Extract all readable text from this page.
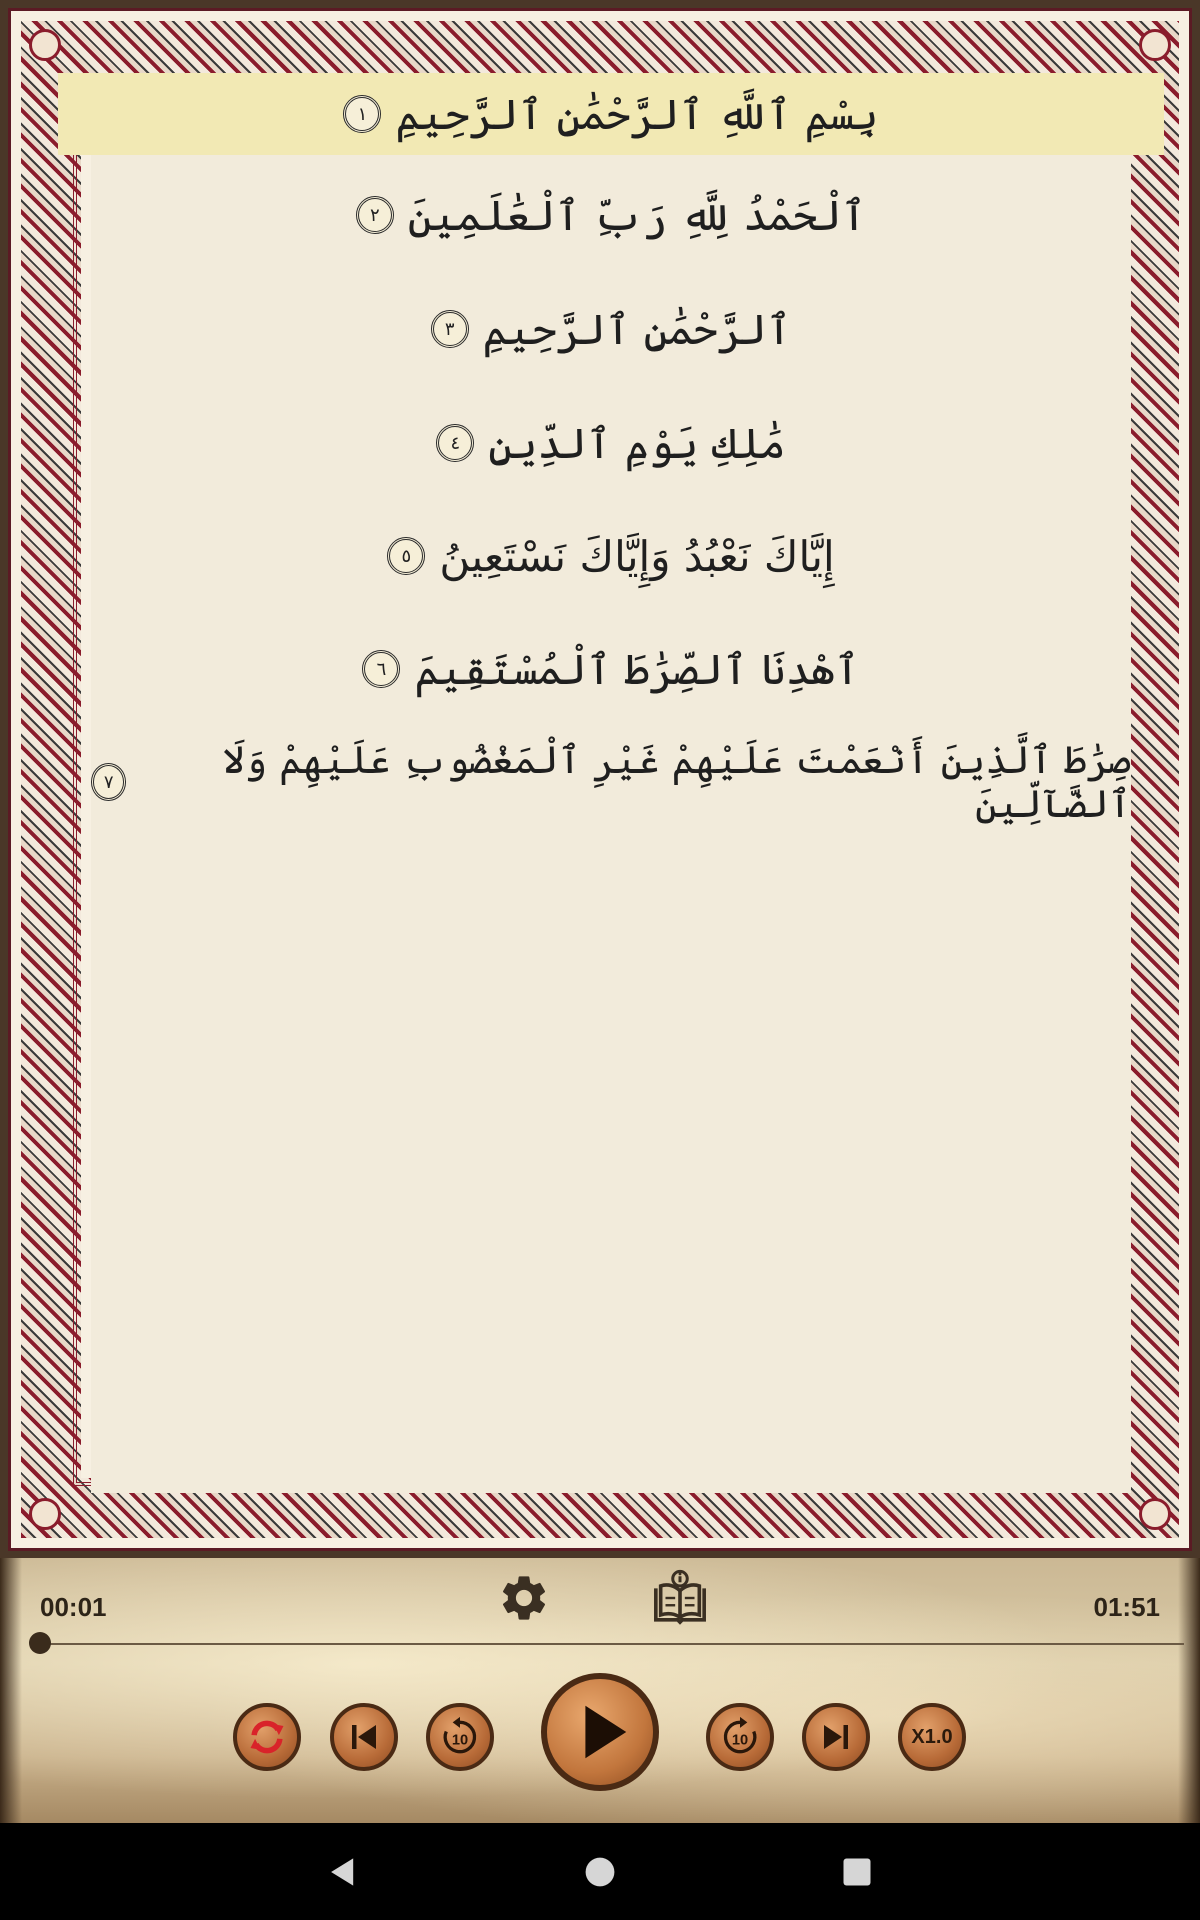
بِسْمِ ٱللَّهِ ٱلرَّحْمَٰنِ ٱلرَّحِيمِ
١
ٱلْحَمْدُ لِلَّهِ رَبِّ ٱلْعَٰلَمِينَ
٢
ٱلرَّحْمَٰنِ ٱلرَّحِيمِ
٣
مَٰلِكِ يَوْمِ ٱلدِّينِ
٤
إِيَّاكَ نَعْبُدُ وَإِيَّاكَ نَسْتَعِينُ
٥
ٱهْدِنَا ٱلصِّرَٰطَ ٱلْمُسْتَقِيمَ
٦
صِرَٰطَ ٱلَّذِينَ أَنْعَمْتَ عَلَيْهِمْ غَيْرِ ٱلْمَغْضُوبِ عَلَيْهِمْ وَلَا ٱلضَّآلِّينَ
٧
00:01	01:51
10	10	X1.0
